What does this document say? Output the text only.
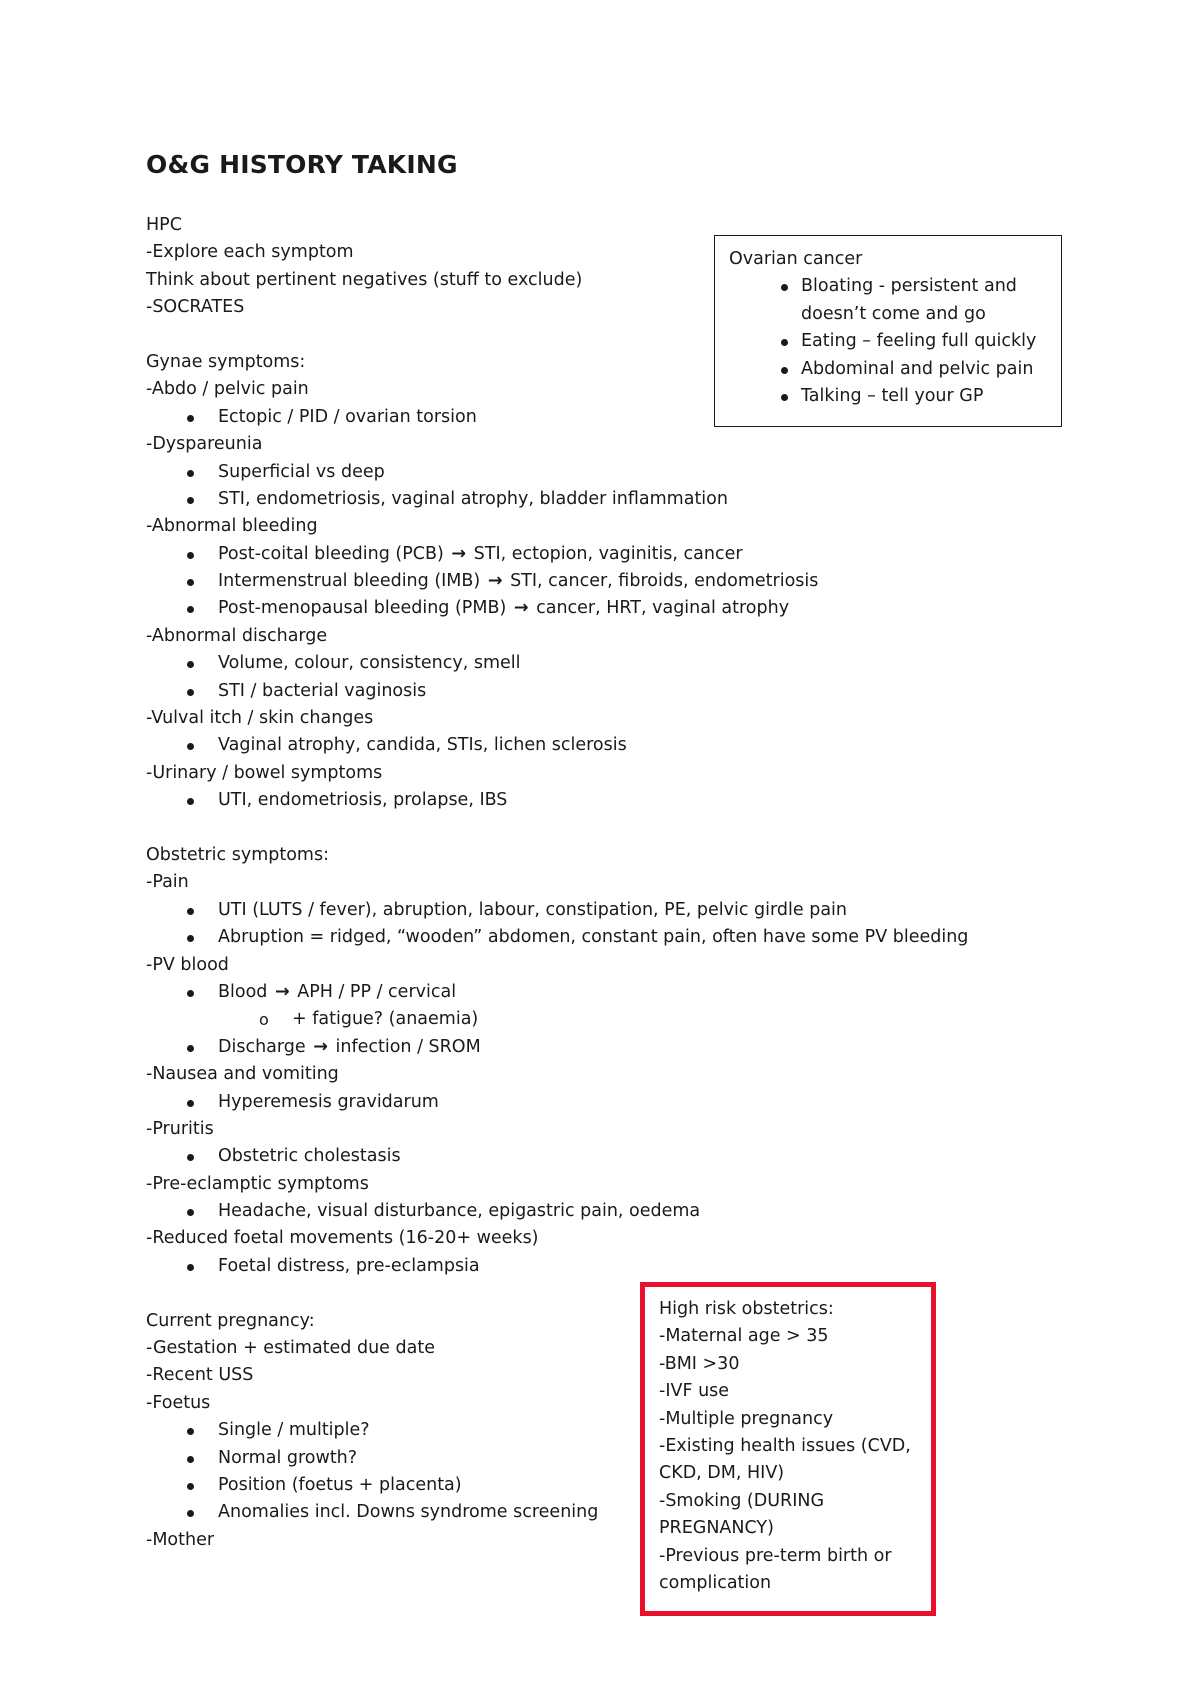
O&G HISTORY TAKING
HPC
-Explore each symptom
Think about pertinent negatives (stuff to exclude)
-SOCRATES
Gynae symptoms:
-Abdo / pelvic pain
Ectopic / PID / ovarian torsion
-Dyspareunia
Superficial vs deep
STI, endometriosis, vaginal atrophy, bladder inflammation
-Abnormal bleeding
Post-coital bleeding (PCB) → STI, ectopion, vaginitis, cancer
Intermenstrual bleeding (IMB) → STI, cancer, fibroids, endometriosis
Post-menopausal bleeding (PMB) → cancer, HRT, vaginal atrophy
-Abnormal discharge
Volume, colour, consistency, smell
STI / bacterial vaginosis
-Vulval itch / skin changes
Vaginal atrophy, candida, STIs, lichen sclerosis
-Urinary / bowel symptoms
UTI, endometriosis, prolapse, IBS
Obstetric symptoms:
-Pain
UTI (LUTS / fever), abruption, labour, constipation, PE, pelvic girdle pain
Abruption = ridged, “wooden” abdomen, constant pain, often have some PV bleeding
-PV blood
Blood → APH / PP / cervical
o + fatigue? (anaemia)
Discharge → infection / SROM
-Nausea and vomiting
Hyperemesis gravidarum
-Pruritis
Obstetric cholestasis
-Pre-eclamptic symptoms
Headache, visual disturbance, epigastric pain, oedema
-Reduced foetal movements (16-20+ weeks)
Foetal distress, pre-eclampsia
Current pregnancy:
-Gestation + estimated due date
-Recent USS
-Foetus
Single / multiple?
Normal growth?
Position (foetus + placenta)
Anomalies incl. Downs syndrome screening
-Mother
Ovarian cancer
Bloating - persistent and doesn’t come and go
Eating – feeling full quickly
Abdominal and pelvic pain
Talking – tell your GP
High risk obstetrics:
-Maternal age > 35
-BMI >30
-IVF use
-Multiple pregnancy
-Existing health issues (CVD, CKD, DM, HIV)
-Smoking (DURING PREGNANCY)
-Previous pre-term birth or complication
